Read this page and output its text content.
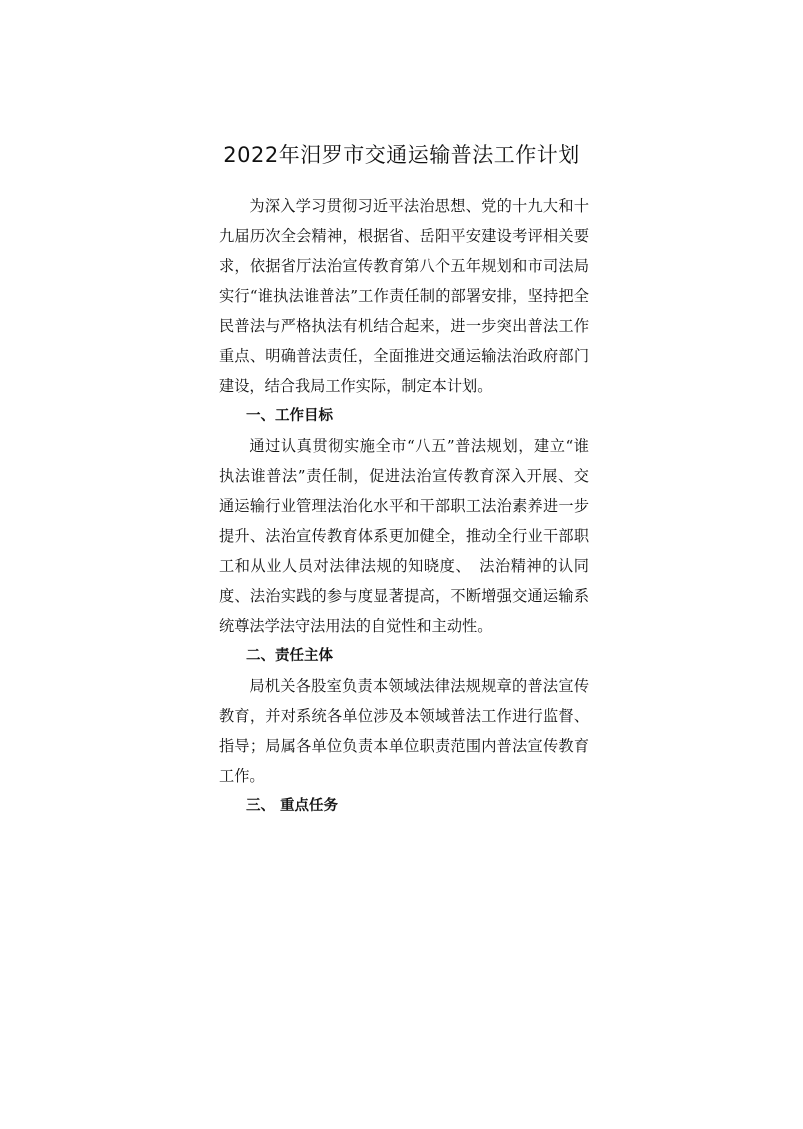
2022年汨罗市交通运输普法工作计划

为深入学习贯彻习近平法治思想、党的十九大和十九届历次全会精神，根据省、岳阳平安建设考评相关要求，依据省厅法治宣传教育第八个五年规划和市司法局实行“谁执法谁普法”工作责任制的部署安排，坚持把全民普法与严格执法有机结合起来，进一步突出普法工作重点、明确普法责任，全面推进交通运输法治政府部门建设，结合我局工作实际，制定本计划。

一、工作目标

通过认真贯彻实施全市“八五”普法规划，建立“谁执法谁普法”责任制，促进法治宣传教育深入开展、交通运输行业管理法治化水平和干部职工法治素养进一步提升、法治宣传教育体系更加健全，推动全行业干部职工和从业人员对法律法规的知晓度、　法治精神的认同度、法治实践的参与度显著提高，不断增强交通运输系统尊法学法守法用法的自觉性和主动性。

二、责任主体

局机关各股室负责本领域法律法规规章的普法宣传教育，并对系统各单位涉及本领域普法工作进行监督、指导；局属各单位负责本单位职责范围内普法宣传教育工作。

三、 重点任务
